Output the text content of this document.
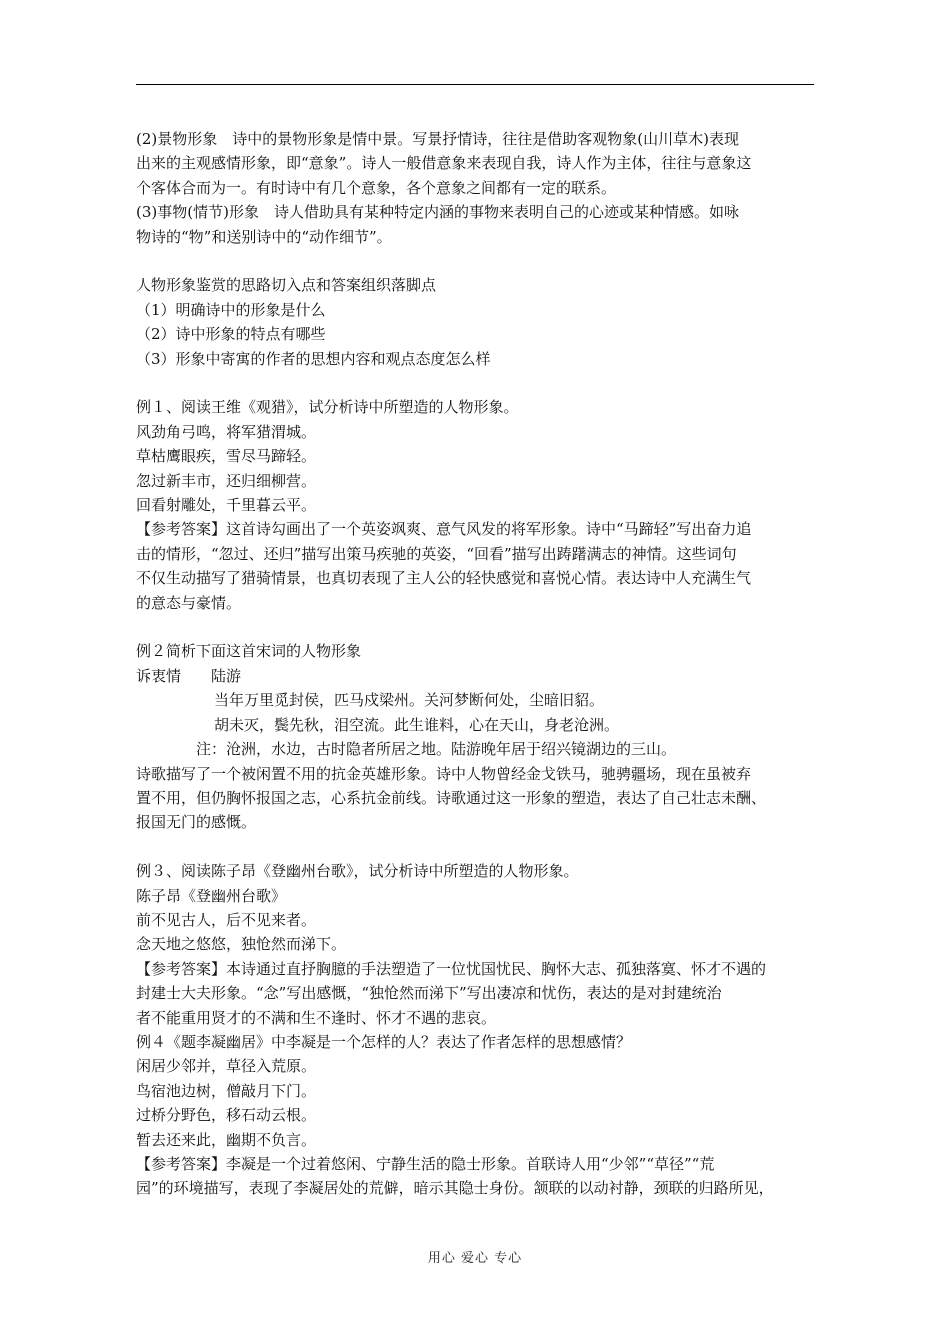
(2)景物形象　诗中的景物形象是情中景。写景抒情诗，往往是借助客观物象(山川草木)表现

出来的主观感情形象，即“意象”。诗人一般借意象来表现自我，诗人作为主体，往往与意象这

个客体合而为一。有时诗中有几个意象，各个意象之间都有一定的联系。

(3)事物(情节)形象　诗人借助具有某种特定内涵的事物来表明自己的心迹或某种情感。如咏

物诗的“物”和送别诗中的“动作细节”。

人物形象鉴赏的思路切入点和答案组织落脚点

（1）明确诗中的形象是什么

（2）诗中形象的特点有哪些

（3）形象中寄寓的作者的思想内容和观点态度怎么样

例１、阅读王维《观猎》，试分析诗中所塑造的人物形象。

风劲角弓鸣，将军猎渭城。

草枯鹰眼疾，雪尽马蹄轻。

忽过新丰市，还归细柳营。

回看射雕处，千里暮云平。

【参考答案】这首诗勾画出了一个英姿飒爽、意气风发的将军形象。诗中“马蹄轻”写出奋力追

击的情形，“忽过、还归”描写出策马疾驰的英姿，“回看”描写出踌躇满志的神情。这些词句

不仅生动描写了猎骑情景，也真切表现了主人公的轻快感觉和喜悦心情。表达诗中人充满生气

的意态与豪情。

例２简析下面这首宋词的人物形象

诉衷情　　陆游

当年万里觅封侯，匹马戍梁州。关河梦断何处，尘暗旧貂。

胡未灭，鬓先秋，泪空流。此生谁料，心在天山，身老沧洲。

注：沧洲，水边，古时隐者所居之地。陆游晚年居于绍兴镜湖边的三山。

诗歌描写了一个被闲置不用的抗金英雄形象。诗中人物曾经金戈铁马，驰骋疆场，现在虽被弃

置不用，但仍胸怀报国之志，心系抗金前线。诗歌通过这一形象的塑造，表达了自己壮志未酬、

报国无门的感慨。

例３、阅读陈子昂《登幽州台歌》，试分析诗中所塑造的人物形象。

陈子昂《登幽州台歌》

前不见古人，后不见来者。

念天地之悠悠，独怆然而涕下。

【参考答案】本诗通过直抒胸臆的手法塑造了一位忧国忧民、胸怀大志、孤独落寞、怀才不遇的

封建士大夫形象。“念”写出感慨，“独怆然而涕下”写出凄凉和忧伤，表达的是对封建统治

者不能重用贤才的不满和生不逢时、怀才不遇的悲哀。

例４《题李凝幽居》中李凝是一个怎样的人？表达了作者怎样的思想感情？

闲居少邻并，草径入荒原。

鸟宿池边树，僧敲月下门。

过桥分野色，移石动云根。

暂去还来此，幽期不负言。

【参考答案】李凝是一个过着悠闲、宁静生活的隐士形象。首联诗人用“少邻”“草径”“荒

园”的环境描写，表现了李凝居处的荒僻，暗示其隐士身份。颔联的以动衬静，颈联的归路所见，

用心 爱心 专心
